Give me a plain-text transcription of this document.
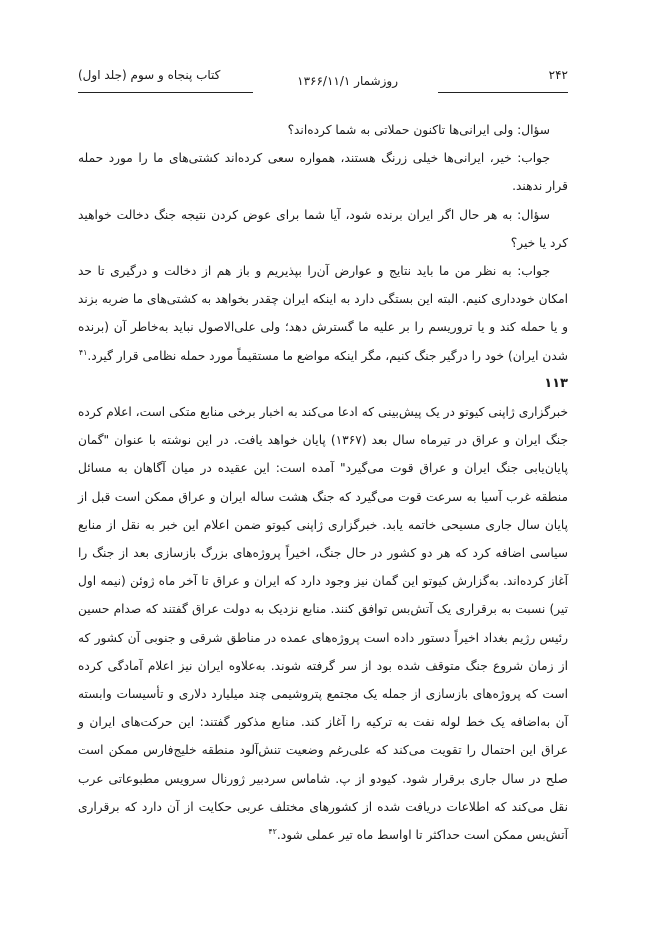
۲۴۲
روزشمار ۱۳۶۶/۱۱/۱
کتاب پنجاه و سوم (جلد اول)

سؤال: ولی ایرانی‌ها تاکنون حملاتی به شما کرده‌اند؟

جواب: خیر، ایرانی‌ها خیلی زرنگ هستند، همواره سعی کرده‌اند کشتی‌های ما را مورد حمله قرار ندهند.

سؤال: به هر حال اگر ایران برنده شود، آیا شما برای عوض کردن نتیجه جنگ دخالت خواهید کرد یا خیر؟

جواب: به نظر من ما باید نتایج و عوارض آن‌را بپذیریم و باز هم از دخالت و درگیری تا حد امکان خودداری کنیم. البته این بستگی دارد به اینکه ایران چقدر بخواهد به کشتی‌های ما ضربه بزند و یا حمله کند و یا تروریسم را بر علیه ما گسترش دهد؛ ولی علی‌الاصول نباید به‌خاطر آن (برنده شدن ایران) خود را درگیر جنگ کنیم، مگر اینکه مواضع ما مستقیماً مورد حمله نظامی قرار گیرد.$^{۴۱}$

۱۱۳

خبرگزاری ژاپنی کیوتو در یک پیش‌بینی که ادعا می‌کند به اخبار برخی منابع متکی است، اعلام کرده جنگ ایران و عراق در تیرماه سال بعد (۱۳۶۷) پایان خواهد یافت. در این نوشته با عنوان "گمان پایان‌یابی جنگ ایران و عراق قوت می‌گیرد" آمده است: این عقیده در میان آگاهان به مسائل منطقه غرب آسیا به سرعت قوت می‌گیرد که جنگ هشت ساله ایران و عراق ممکن است قبل از پایان سال جاری مسیحی خاتمه یابد. خبرگزاری ژاپنی کیوتو ضمن اعلام این خبر به نقل از منابع سیاسی اضافه کرد که هر دو کشور در حال جنگ، اخیراً پروژه‌های بزرگ بازسازی بعد از جنگ را آغاز کرده‌اند. به‌گزارش کیوتو این گمان نیز وجود دارد که ایران و عراق تا آخر ماه ژوئن (نیمه اول تیر) نسبت به برقراری یک آتش‌بس توافق کنند. منابع نزدیک به دولت عراق گفتند که صدام حسین رئیس رژیم بغداد اخیراً دستور داده است پروژه‌های عمده در مناطق شرقی و جنوبی آن کشور که از زمان شروع جنگ متوقف شده بود از سر گرفته شوند. به‌علاوه ایران نیز اعلام آمادگی کرده است که پروژه‌های بازسازی از جمله یک مجتمع پتروشیمی چند میلیارد دلاری و تأسیسات وابسته آن به‌اضافه یک خط لوله نفت به ترکیه را آغاز کند. منابع مذکور گفتند: این حرکت‌های ایران و عراق این احتمال را تقویت می‌کند که علی‌رغم وضعیت تنش‌آلود منطقه خلیج‌فارس ممکن است صلح در سال جاری برقرار شود. کیودو از پ. شاماس سردبیر ژورنال سرویس مطبوعاتی عرب نقل می‌کند که اطلاعات دریافت شده از کشورهای مختلف عربی حکایت از آن دارد که برقراری آتش‌بس ممکن است حداکثر تا اواسط ماه تیر عملی شود.$^{۴۲}$
